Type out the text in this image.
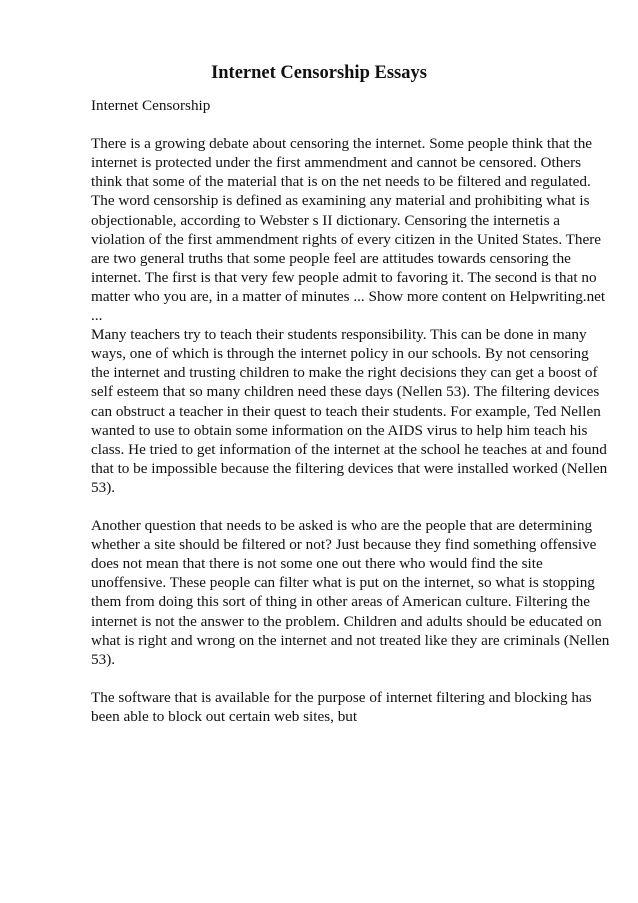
Internet Censorship Essays

Internet Censorship

There is a growing debate about censoring the internet. Some people think that the
internet is protected under the first ammendment and cannot be censored. Others
think that some of the material that is on the net needs to be filtered and regulated.
The word censorship is defined as examining any material and prohibiting what is
objectionable, according to Webster s II dictionary. Censoring the internetis a
violation of the first ammendment rights of every citizen in the United States. There
are two general truths that some people feel are attitudes towards censoring the
internet. The first is that very few people admit to favoring it. The second is that no
matter who you are, in a matter of minutes ... Show more content on Helpwriting.net
...

Many teachers try to teach their students responsibility. This can be done in many
ways, one of which is through the internet policy in our schools. By not censoring
the internet and trusting children to make the right decisions they can get a boost of
self esteem that so many children need these days (Nellen 53). The filtering devices
can obstruct a teacher in their quest to teach their students. For example, Ted Nellen
wanted to use to obtain some information on the AIDS virus to help him teach his
class. He tried to get information of the internet at the school he teaches at and found
that to be impossible because the filtering devices that were installed worked (Nellen
53).

Another question that needs to be asked is who are the people that are determining
whether a site should be filtered or not? Just because they find something offensive
does not mean that there is not some one out there who would find the site
unoffensive. These people can filter what is put on the internet, so what is stopping
them from doing this sort of thing in other areas of American culture. Filtering the
internet is not the answer to the problem. Children and adults should be educated on
what is right and wrong on the internet and not treated like they are criminals (Nellen
53).

The software that is available for the purpose of internet filtering and blocking has
been able to block out certain web sites, but
